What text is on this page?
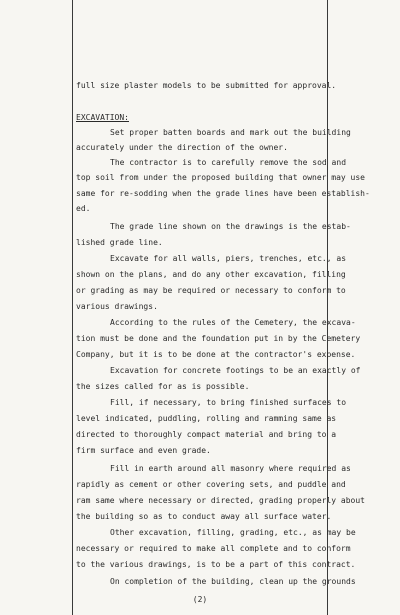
full size plaster models to be submitted for approval.
EXCAVATION:
Set proper batten boards and mark out the building
accurately under the direction of the owner.
The contractor is to carefully remove the sod and
top soil from under the proposed building that owner may use
same for re-sodding when the grade lines have been establish-
ed.
The grade line shown on the drawings is the estab-
lished grade line.
Excavate for all walls, piers, trenches, etc., as
shown on the plans, and do any other excavation, filling
or grading as may be required or necessary to conform to
various drawings.
According to the rules of the Cemetery, the excava-
tion must be done and the foundation put in by the Cemetery
Company, but it is to be done at the contractor's expense.
Excavation for concrete footings to be an exactly of
the sizes called for as is possible.
Fill, if necessary, to bring finished surfaces to
level indicated, puddling, rolling and ramming same as
directed to thoroughly compact material and bring to a
firm surface and even grade.
Fill in earth around all masonry where required as
rapidly as cement or other covering sets, and puddle and
ram same where necessary or directed, grading properly about
the building so as to conduct away all surface water.
Other excavation, filling, grading, etc., as may be
necessary or required to make all complete and to conform
to the various drawings, is to be a part of this contract.
On completion of the building, clean up the grounds
(2)
